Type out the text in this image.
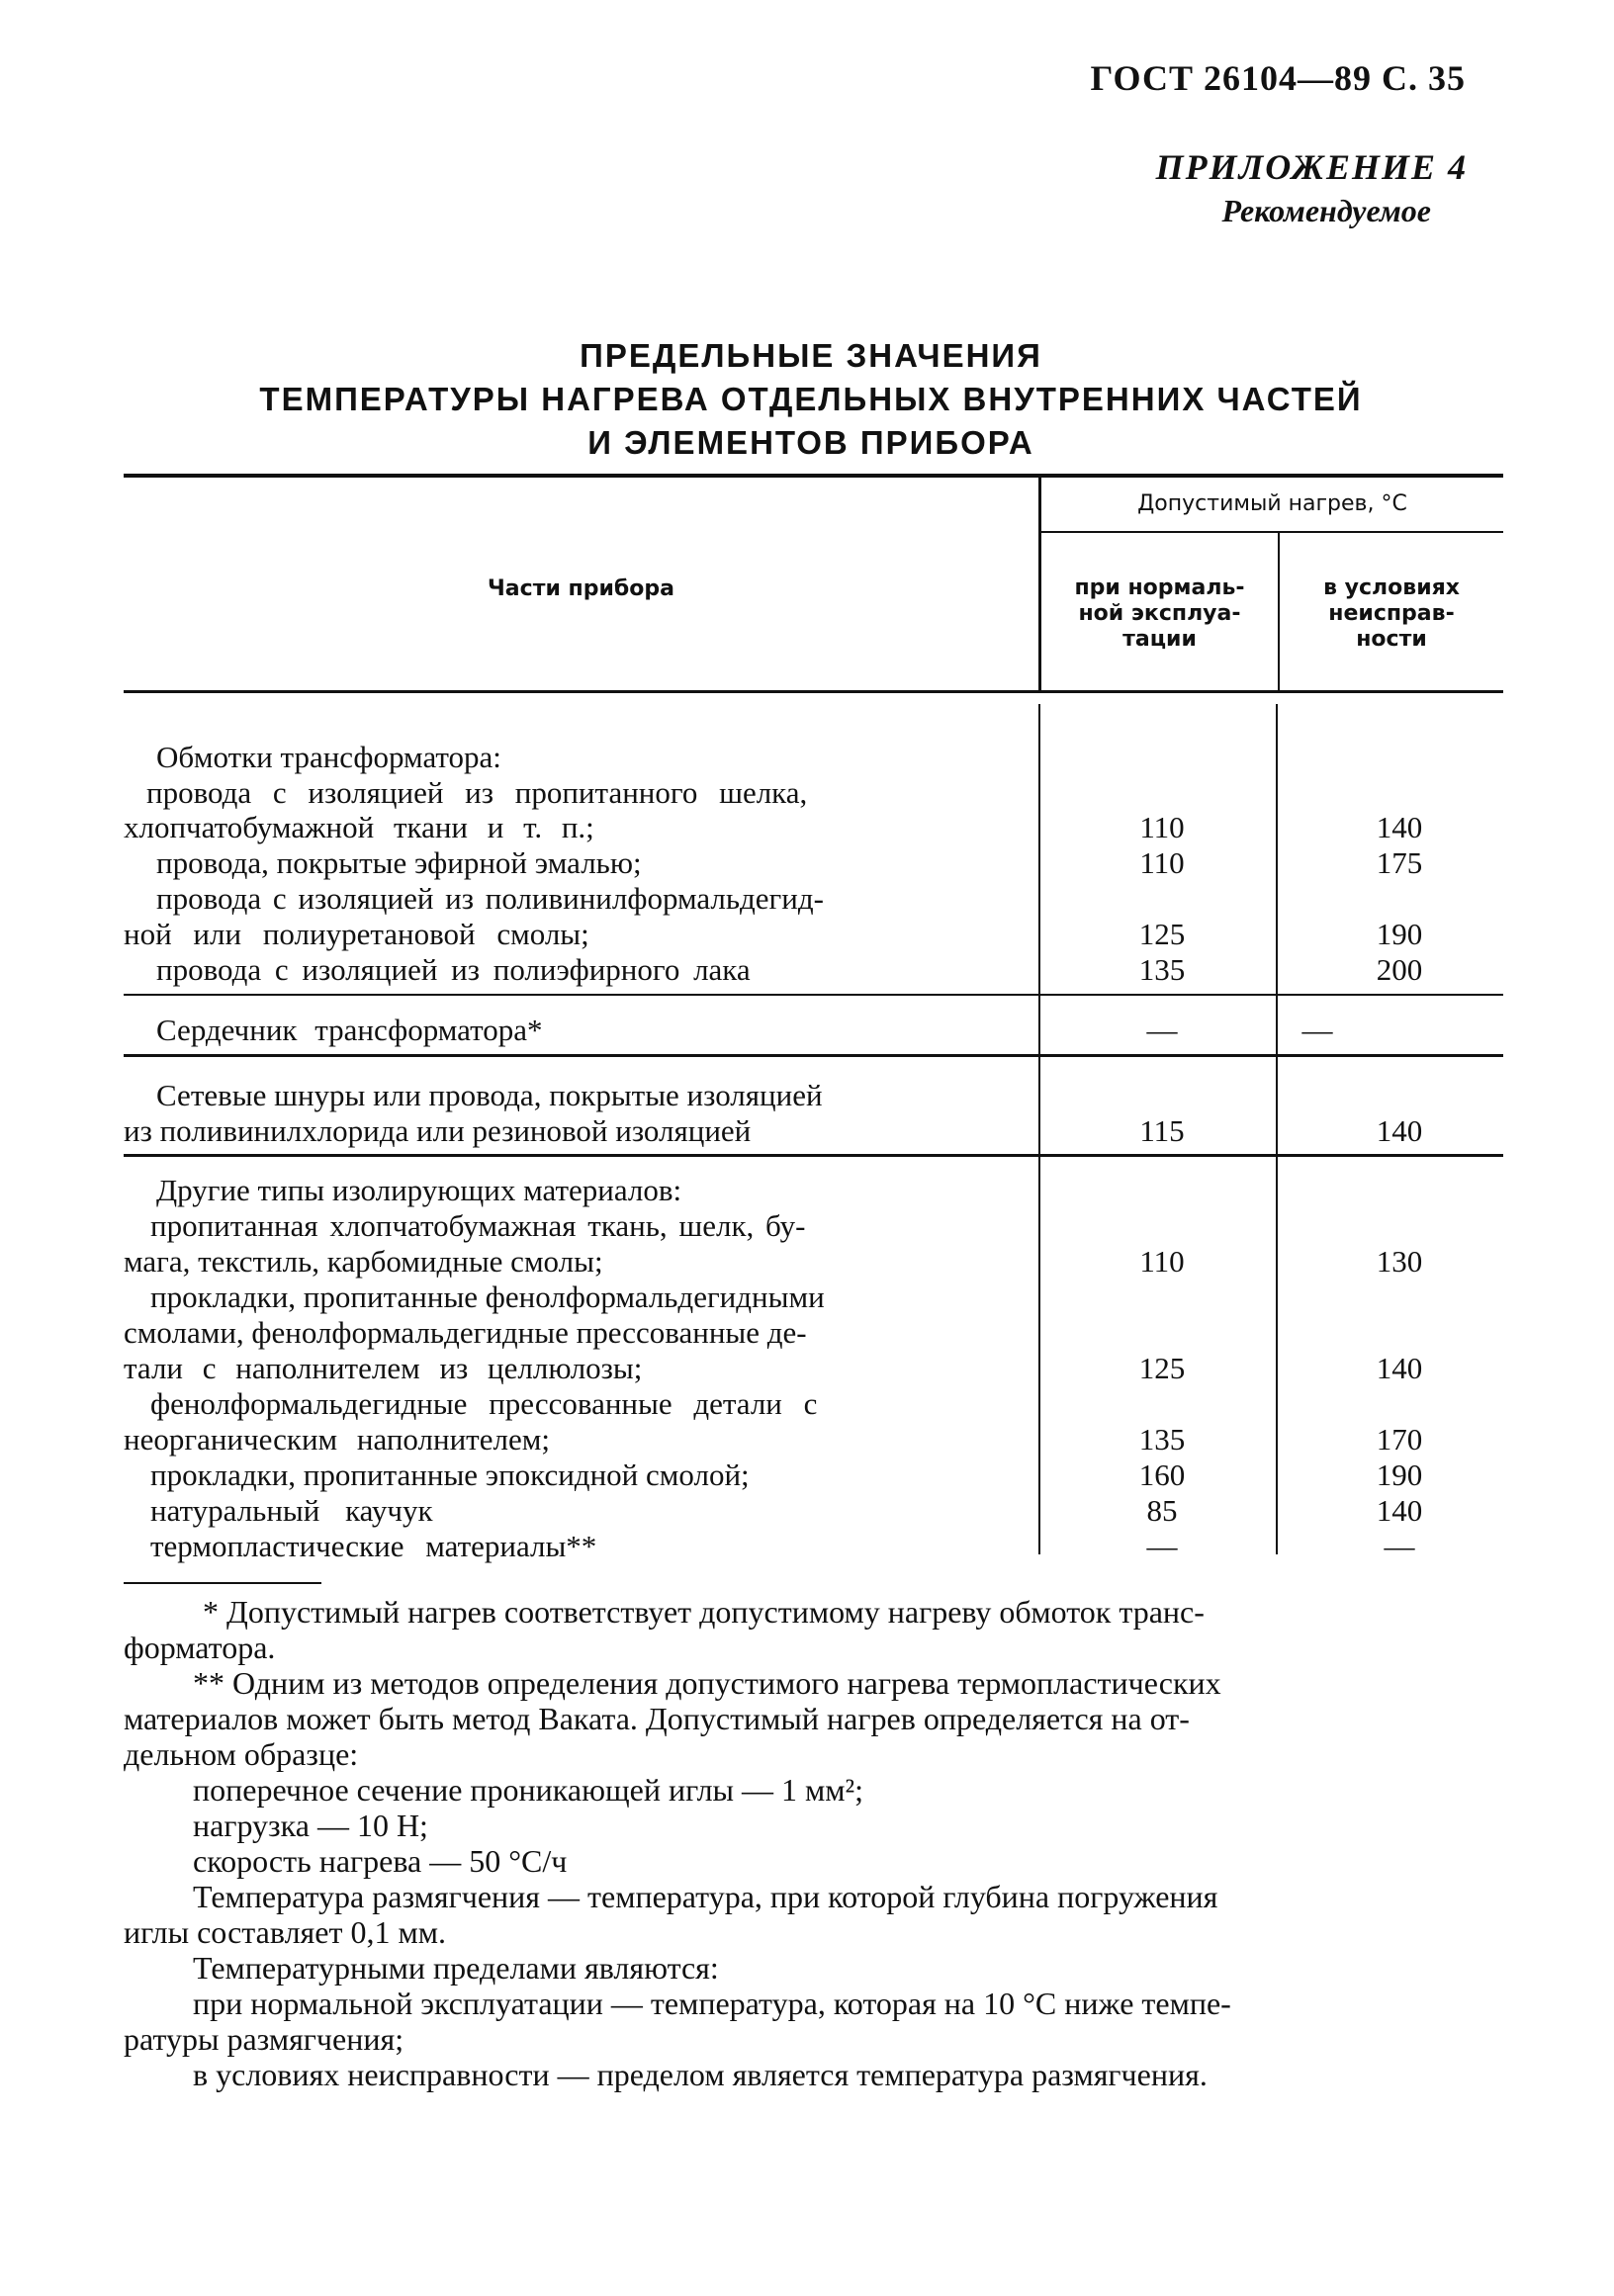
ГОСТ 26104—89 С. 35
ПРИЛОЖЕНИЕ 4
Рекомендуемое
ПРЕДЕЛЬНЫЕ ЗНАЧЕНИЯ
ТЕМПЕРАТУРЫ НАГРЕВА ОТДЕЛЬНЫХ ВНУТРЕННИХ ЧАСТЕЙ
И ЭЛЕМЕНТОВ ПРИБОРА
Части прибора
Допустимый нагрев, °С
при нормаль-
ной эксплуа-
тации
в условиях
неисправ-
ности
Обмотки трансформатора:
провода с изоляцией из пропитанного шелка,
хлопчатобумажной ткани и т. п.;	110	140
провода, покрытые эфирной эмалью;	110	175
провода с изоляцией из поливинилформальдегид-
ной или полиуретановой смолы;	125	190
провода с изоляцией из полиэфирного лака	135	200
Сердечник трансформатора*	—	—
Сетевые шнуры или провода, покрытые изоляцией
из поливинилхлорида или резиновой изоляцией	115	140
Другие типы изолирующих материалов:
пропитанная хлопчатобумажная ткань, шелк, бу-
мага, текстиль, карбомидные смолы;	110	130
прокладки, пропитанные фенолформальдегидными
смолами, фенолформальдегидные прессованные де-
тали с наполнителем из целлюлозы;	125	140
фенолформальдегидные прессованные детали с
неорганическим наполнителем;	135	170
прокладки, пропитанные эпоксидной смолой;	160	190
натуральный каучук	85	140
термопластические материалы**	—	—

* Допустимый нагрев соответствует допустимому нагреву обмоток транс-

форматора.

** Одним из методов определения допустимого нагрева термопластических

материалов может быть метод Ваката. Допустимый нагрев определяется на от-

дельном образце:

поперечное сечение проникающей иглы — 1 мм²;

нагрузка — 10 Н;

скорость нагрева — 50 °С/ч

Температура размягчения — температура, при которой глубина погружения

иглы составляет 0,1 мм.

Температурными пределами являются:

при нормальной эксплуатации — температура, которая на 10 °С ниже темпе-

ратуры размягчения;

в условиях неисправности — пределом является температура размягчения.
